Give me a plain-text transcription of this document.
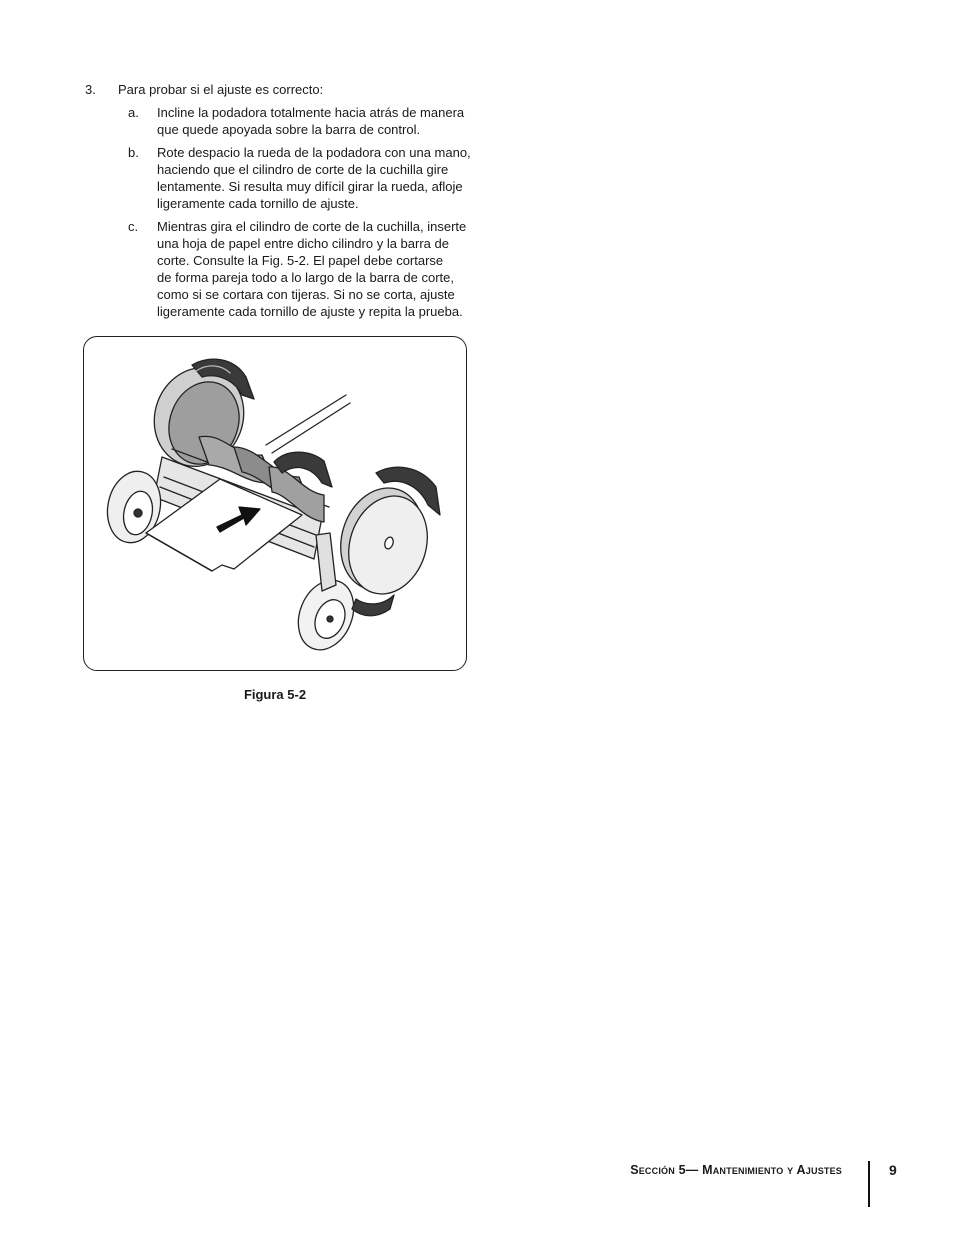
3. Para probar si el ajuste es correcto:
a. Incline la podadora totalmente hacia atrás de manera
que quede apoyada sobre la barra de control.
b. Rote despacio la rueda de la podadora con una mano,
haciendo que el cilindro de corte de la cuchilla gire
lentamente. Si resulta muy difícil girar la rueda, afloje
ligeramente cada tornillo de ajuste.
c. Mientras gira el cilindro de corte de la cuchilla, inserte
una hoja de papel entre dicho cilindro y la barra de
corte. Consulte la Fig. 5-2. El papel debe cortarse
de forma pareja todo a lo largo de la barra de corte,
como si se cortara con tijeras. Si no se corta, ajuste
ligeramente cada tornillo de ajuste y repita la prueba.
Figura 5-2
Sección 5— Mantenimiento y Ajustes	9
